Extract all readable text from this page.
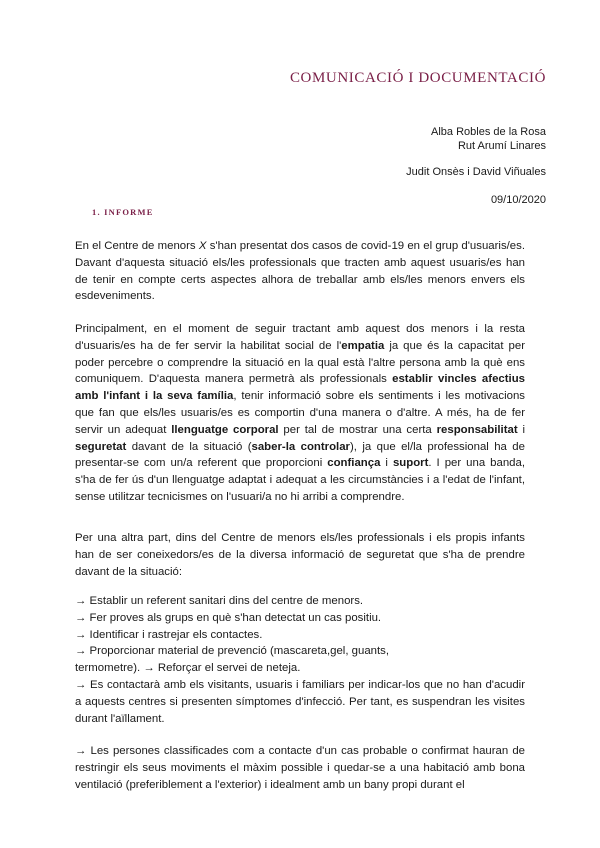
COMUNICACIÓ I DOCUMENTACIÓ
Alba Robles de la Rosa
Rut Arumí Linares
Judit Onsès i David Viñuales
09/10/2020
1. INFORME
En el Centre de menors X s'han presentat dos casos de covid-19 en el grup d'usuaris/es. Davant d'aquesta situació els/les professionals que tracten amb aquest usuaris/es han de tenir en compte certs aspectes alhora de treballar amb els/les menors envers els esdeveniments.
Principalment, en el moment de seguir tractant amb aquest dos menors i la resta d'usuaris/es ha de fer servir la habilitat social de l'empatia ja que és la capacitat per poder percebre o comprendre la situació en la qual està l'altre persona amb la què ens comuniquem. D'aquesta manera permetrà als professionals establir vincles afectius amb l'infant i la seva família, tenir informació sobre els sentiments i les motivacions que fan que els/les usuaris/es es comportin d'una manera o d'altre. A més, ha de fer servir un adequat llenguatge corporal per tal de mostrar una certa responsabilitat i seguretat davant de la situació (saber-la controlar), ja que el/la professional ha de presentar-se com un/a referent que proporcioni confiança i suport. I per una banda, s'ha de fer ús d'un llenguatge adaptat i adequat a les circumstàncies i a l'edat de l'infant, sense utilitzar tecnicismes on l'usuari/a no hi arribi a comprendre.
Per una altra part, dins del Centre de menors els/les professionals i els propis infants han de ser coneixedors/es de la diversa informació de seguretat que s'ha de prendre davant de la situació:
→ Establir un referent sanitari dins del centre de menors.
→ Fer proves als grups en què s'han detectat un cas positiu.
→ Identificar i rastrejar els contactes.
→ Proporcionar material de prevenció (mascareta,gel, guants,
termometre). → Reforçar el servei de neteja.
→ Es contactarà amb els visitants, usuaris i familiars per indicar-los que no han d'acudir a aquests centres si presenten símptomes d'infecció. Per tant, es suspendran les visites durant l'aïllament.
→ Les persones classificades com a contacte d'un cas probable o confirmat hauran de restringir els seus moviments el màxim possible i quedar-se a una habitació amb bona ventilació (preferiblement a l'exterior) i idealment amb un bany propi durant el
